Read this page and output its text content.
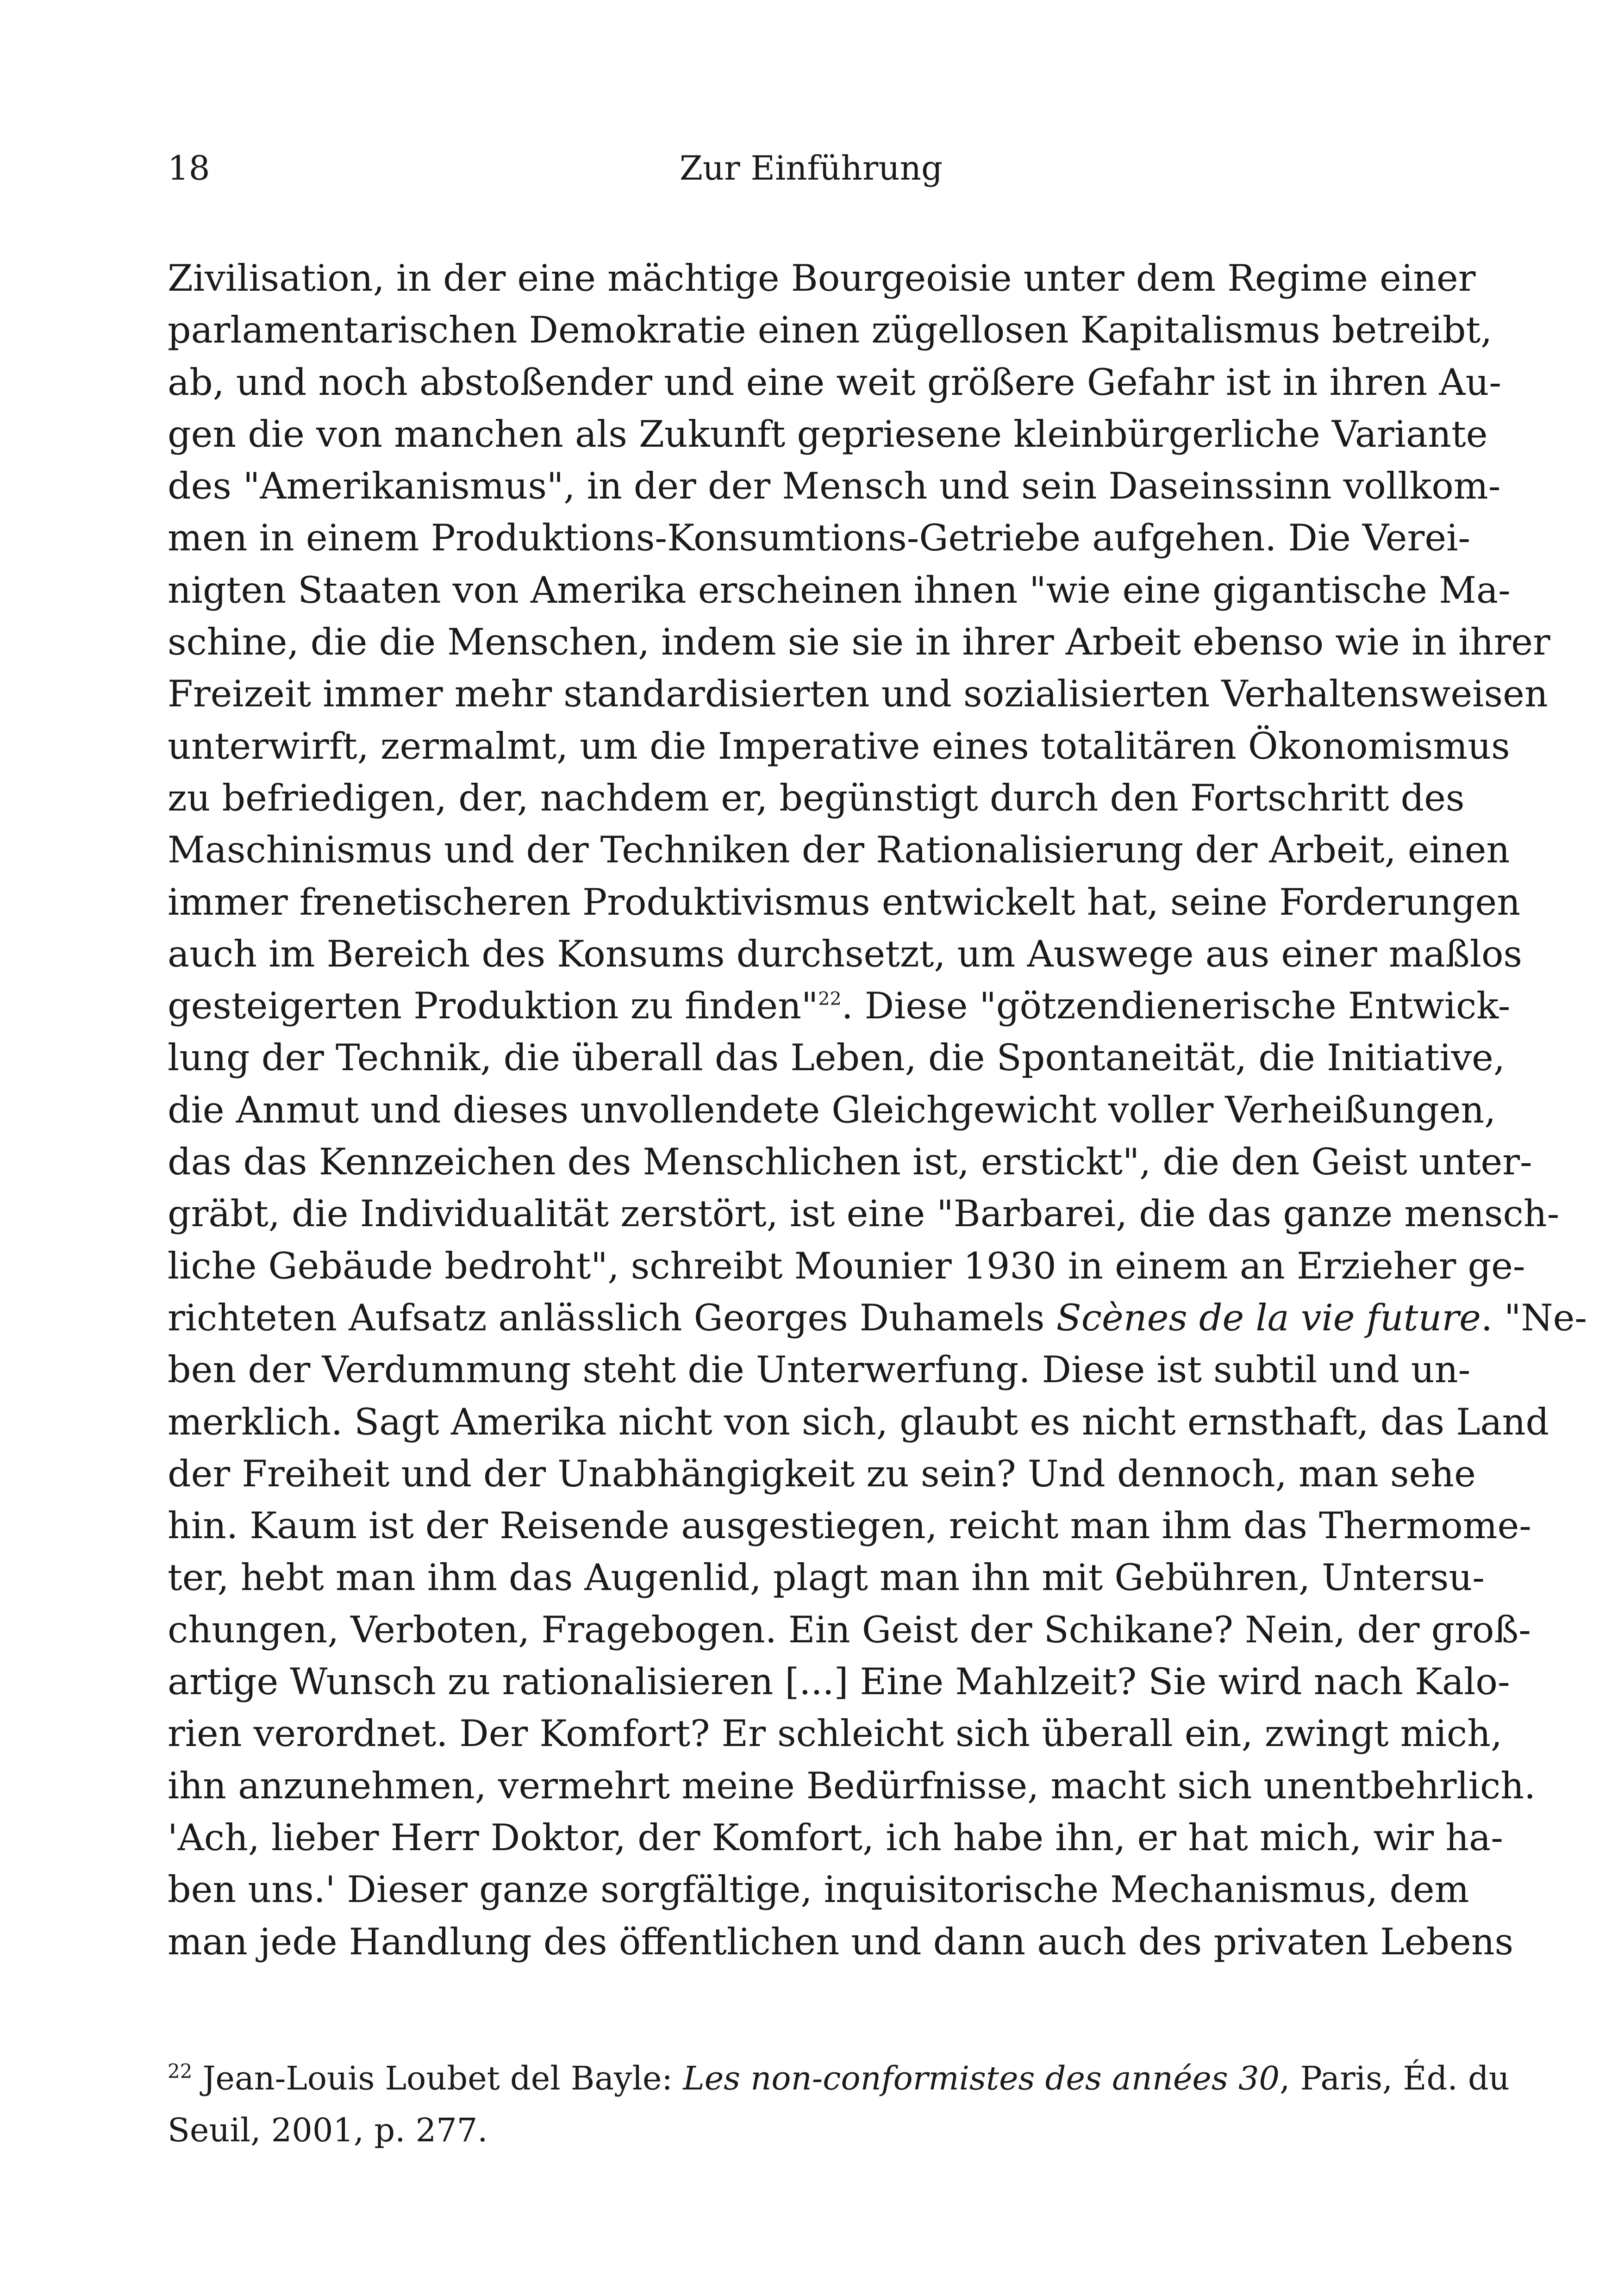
18	Zur Einführung
Zivilisation, in der eine mächtige Bourgeoisie unter dem Regime einer
parlamentarischen Demokratie einen zügellosen Kapitalismus betreibt,
ab, und noch abstoßender und eine weit größere Gefahr ist in ihren Au-
gen die von manchen als Zukunft gepriesene kleinbürgerliche Variante
des "Amerikanismus", in der der Mensch und sein Daseinssinn vollkom-
men in einem Produktions-Konsumtions-Getriebe aufgehen. Die Verei-
nigten Staaten von Amerika erscheinen ihnen "wie eine gigantische Ma-
schine, die die Menschen, indem sie sie in ihrer Arbeit ebenso wie in ihrer
Freizeit immer mehr standardisierten und sozialisierten Verhaltensweisen
unterwirft, zermalmt, um die Imperative eines totalitären Ökonomismus
zu befriedigen, der, nachdem er, begünstigt durch den Fortschritt des
Maschinismus und der Techniken der Rationalisierung der Arbeit, einen
immer frenetischeren Produktivismus entwickelt hat, seine Forderungen
auch im Bereich des Konsums durchsetzt, um Auswege aus einer maßlos
gesteigerten Produktion zu finden"$^{22}$. Diese "götzendienerische Entwick-
lung der Technik, die überall das Leben, die Spontaneität, die Initiative,
die Anmut und dieses unvollendete Gleichgewicht voller Verheißungen,
das das Kennzeichen des Menschlichen ist, erstickt", die den Geist unter-
gräbt, die Individualität zerstört, ist eine "Barbarei, die das ganze mensch-
liche Gebäude bedroht", schreibt Mounier 1930 in einem an Erzieher ge-
richteten Aufsatz anlässlich Georges Duhamels Scènes de la vie future. "Ne-
ben der Verdummung steht die Unterwerfung. Diese ist subtil und un-
merklich. Sagt Amerika nicht von sich, glaubt es nicht ernsthaft, das Land
der Freiheit und der Unabhängigkeit zu sein? Und dennoch, man sehe
hin. Kaum ist der Reisende ausgestiegen, reicht man ihm das Thermome-
ter, hebt man ihm das Augenlid, plagt man ihn mit Gebühren, Untersu-
chungen, Verboten, Fragebogen. Ein Geist der Schikane? Nein, der groß-
artige Wunsch zu rationalisieren [...] Eine Mahlzeit? Sie wird nach Kalo-
rien verordnet. Der Komfort? Er schleicht sich überall ein, zwingt mich,
ihn anzunehmen, vermehrt meine Bedürfnisse, macht sich unentbehrlich.
'Ach, lieber Herr Doktor, der Komfort, ich habe ihn, er hat mich, wir ha-
ben uns.' Dieser ganze sorgfältige, inquisitorische Mechanismus, dem
man jede Handlung des öffentlichen und dann auch des privaten Lebens
$^{22}$ Jean-Louis Loubet del Bayle: Les non-conformistes des années 30, Paris, Éd. du
Seuil, 2001, p. 277.
